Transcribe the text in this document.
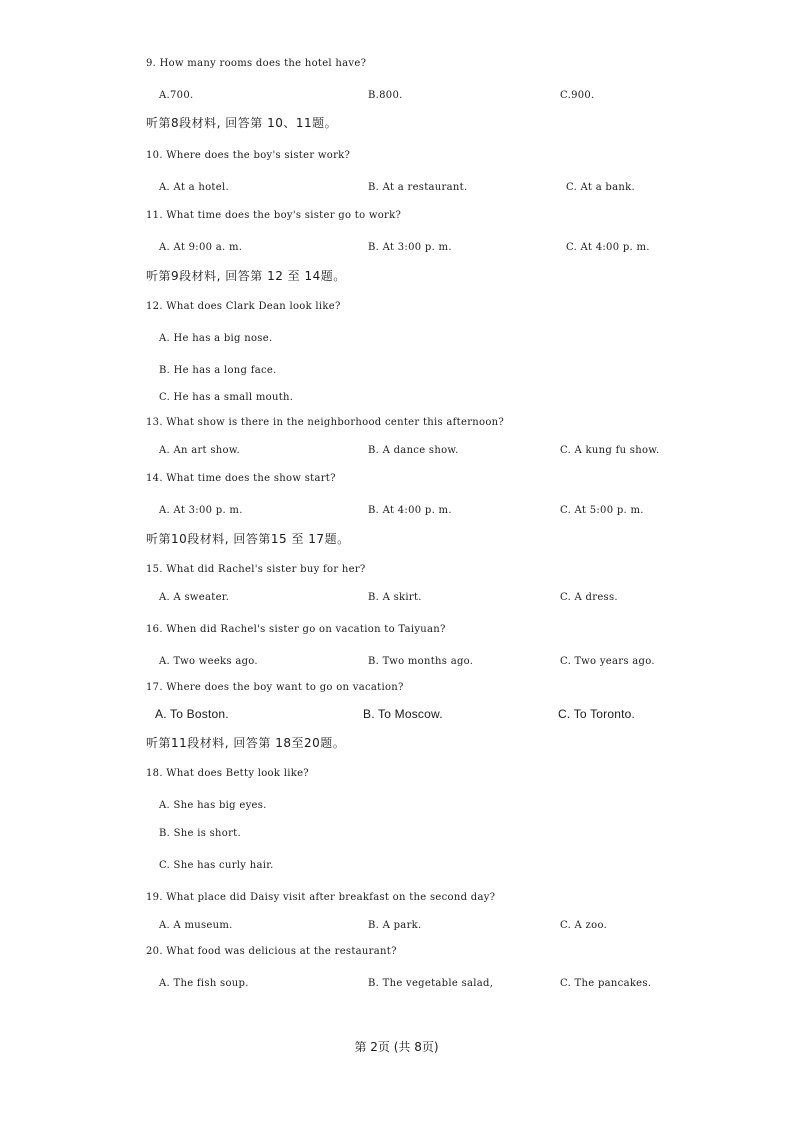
9. How many rooms does the hotel have?
A.700.	B.800.	C.900.
听第8段材料, 回答第 10、11题。
10. Where does the boy's sister work?
A. At a hotel.	B. At a restaurant.	C. At a bank.
11. What time does the boy's sister go to work?
A. At 9:00 a. m.	B. At 3:00 p. m.	C. At 4:00 p. m.
听第9段材料, 回答第 12 至 14题。
12. What does Clark Dean look like?
A. He has a big nose.
B. He has a long face.
C. He has a small mouth.
13. What show is there in the neighborhood center this afternoon?
A. An art show.	B. A dance show.	C. A kung fu show.
14. What time does the show start?
A. At 3:00 p. m.	B. At 4:00 p. m.	C. At 5:00 p. m.
听第10段材料, 回答第15 至 17题。
15. What did Rachel's sister buy for her?
A. A sweater.	B. A skirt.	C. A dress.
16. When did Rachel's sister go on vacation to Taiyuan?
A. Two weeks ago.	B. Two months ago.	C. Two years ago.
17. Where does the boy want to go on vacation?
A. To Boston.	B. To Moscow.	C. To Toronto.
听第11段材料, 回答第 18至20题。
18. What does Betty look like?
A. She has big eyes.
B. She is short.
C. She has curly hair.
19. What place did Daisy visit after breakfast on the second day?
A. A museum.	B. A park.	C. A zoo.
20. What food was delicious at the restaurant?
A. The fish soup.	B. The vegetable salad,	C. The pancakes.
第 2页 (共 8页)
